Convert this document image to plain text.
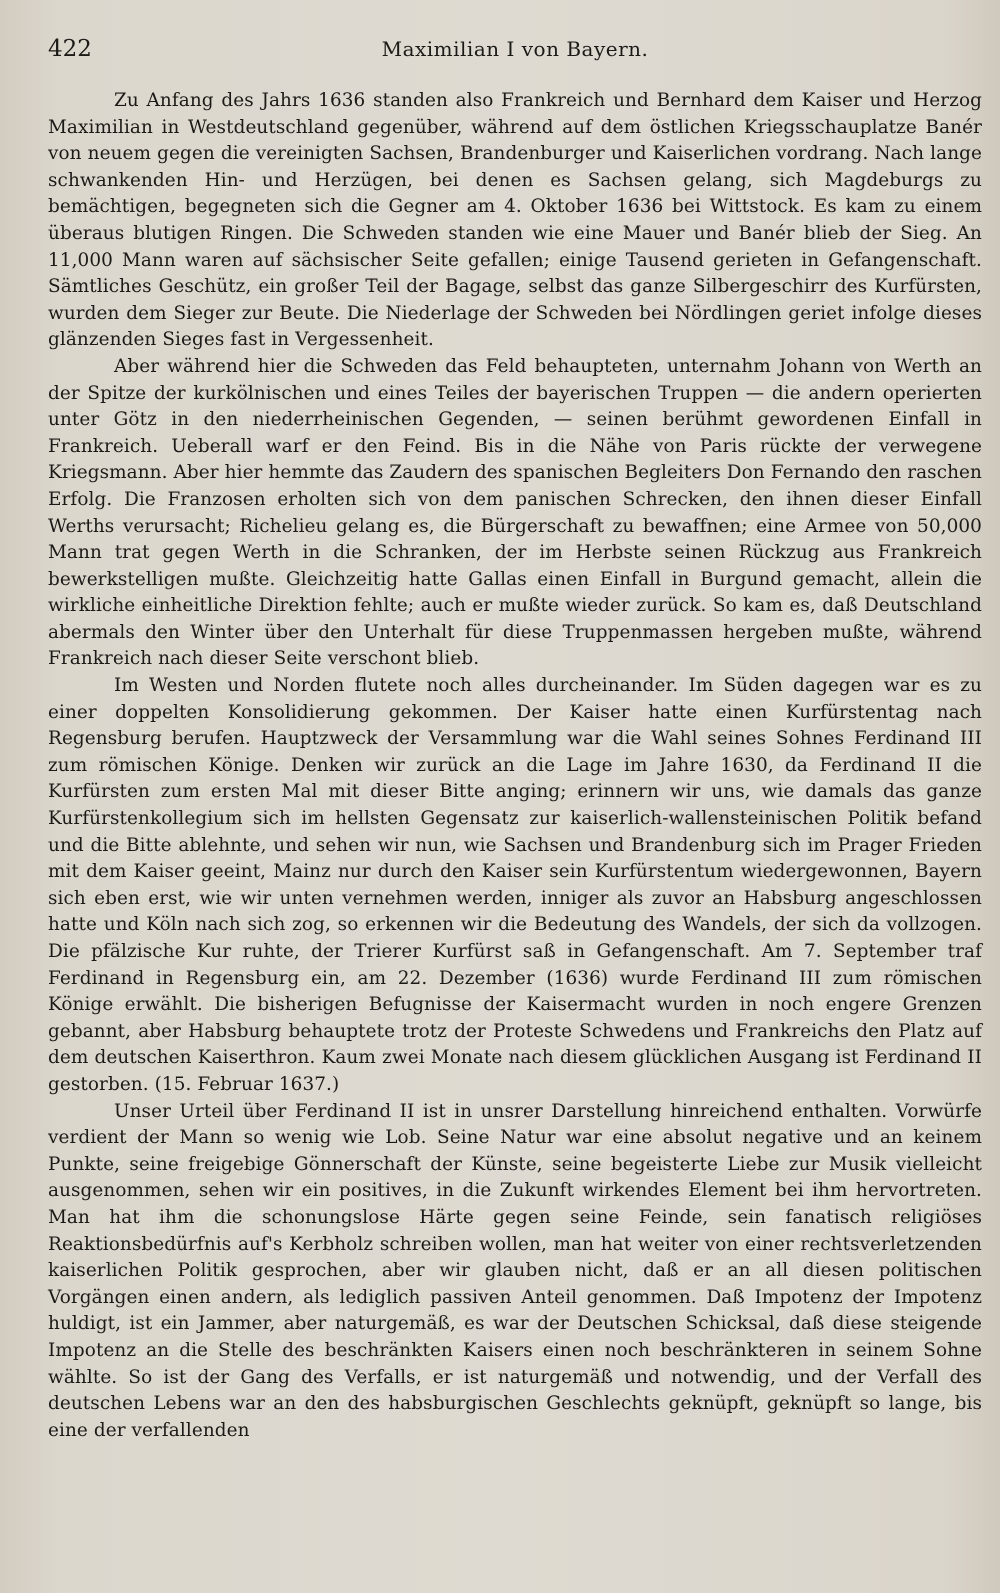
422	Maximilian I von Bayern.

Zu Anfang des Jahrs 1636 standen also Frankreich und Bernhard dem Kaiser und Herzog Maximilian in Westdeutschland gegenüber, während auf dem östlichen Kriegsschauplatze Banér von neuem gegen die vereinigten Sachsen, Brandenburger und Kaiserlichen vordrang. Nach lange schwankenden Hin- und Herzügen, bei denen es Sachsen gelang, sich Magdeburgs zu bemächtigen, begegneten sich die Gegner am 4. Oktober 1636 bei Wittstock. Es kam zu einem überaus blutigen Ringen. Die Schweden standen wie eine Mauer und Banér blieb der Sieg. An 11,000 Mann waren auf sächsischer Seite gefallen; einige Tausend gerieten in Gefangenschaft. Sämtliches Geschütz, ein großer Teil der Bagage, selbst das ganze Silbergeschirr des Kurfürsten, wurden dem Sieger zur Beute. Die Niederlage der Schweden bei Nördlingen geriet infolge dieses glänzenden Sieges fast in Vergessenheit.

Aber während hier die Schweden das Feld behaupteten, unternahm Johann von Werth an der Spitze der kurkölnischen und eines Teiles der bayerischen Truppen — die andern operierten unter Götz in den niederrheinischen Gegenden, — seinen berühmt gewordenen Einfall in Frankreich. Ueberall warf er den Feind. Bis in die Nähe von Paris rückte der verwegene Kriegsmann. Aber hier hemmte das Zaudern des spanischen Begleiters Don Fernando den raschen Erfolg. Die Franzosen erholten sich von dem panischen Schrecken, den ihnen dieser Einfall Werths verursacht; Richelieu gelang es, die Bürgerschaft zu bewaffnen; eine Armee von 50,000 Mann trat gegen Werth in die Schranken, der im Herbste seinen Rückzug aus Frankreich bewerkstelligen mußte. Gleichzeitig hatte Gallas einen Einfall in Burgund gemacht, allein die wirkliche einheitliche Direktion fehlte; auch er mußte wieder zurück. So kam es, daß Deutschland abermals den Winter über den Unterhalt für diese Truppenmassen hergeben mußte, während Frankreich nach dieser Seite verschont blieb.

Im Westen und Norden flutete noch alles durcheinander. Im Süden dagegen war es zu einer doppelten Konsolidierung gekommen. Der Kaiser hatte einen Kurfürstentag nach Regensburg berufen. Hauptzweck der Versammlung war die Wahl seines Sohnes Ferdinand III zum römischen Könige. Denken wir zurück an die Lage im Jahre 1630, da Ferdinand II die Kurfürsten zum ersten Mal mit dieser Bitte anging; erinnern wir uns, wie damals das ganze Kurfürstenkollegium sich im hellsten Gegensatz zur kaiserlich-wallensteinischen Politik befand und die Bitte ablehnte, und sehen wir nun, wie Sachsen und Brandenburg sich im Prager Frieden mit dem Kaiser geeint, Mainz nur durch den Kaiser sein Kurfürstentum wiedergewonnen, Bayern sich eben erst, wie wir unten vernehmen werden, inniger als zuvor an Habsburg angeschlossen hatte und Köln nach sich zog, so erkennen wir die Bedeutung des Wandels, der sich da vollzogen. Die pfälzische Kur ruhte, der Trierer Kurfürst saß in Gefangenschaft. Am 7. September traf Ferdinand in Regensburg ein, am 22. Dezember (1636) wurde Ferdinand III zum römischen Könige erwählt. Die bisherigen Befugnisse der Kaisermacht wurden in noch engere Grenzen gebannt, aber Habsburg behauptete trotz der Proteste Schwedens und Frankreichs den Platz auf dem deutschen Kaiserthron. Kaum zwei Monate nach diesem glücklichen Ausgang ist Ferdinand II gestorben. (15. Februar 1637.)

Unser Urteil über Ferdinand II ist in unsrer Darstellung hinreichend enthalten. Vorwürfe verdient der Mann so wenig wie Lob. Seine Natur war eine absolut negative und an keinem Punkte, seine freigebige Gönnerschaft der Künste, seine begeisterte Liebe zur Musik vielleicht ausgenommen, sehen wir ein positives, in die Zukunft wirkendes Element bei ihm hervortreten. Man hat ihm die schonungslose Härte gegen seine Feinde, sein fanatisch religiöses Reaktionsbedürfnis auf's Kerbholz schreiben wollen, man hat weiter von einer rechtsverletzenden kaiserlichen Politik gesprochen, aber wir glauben nicht, daß er an all diesen politischen Vorgängen einen andern, als lediglich passiven Anteil genommen. Daß Impotenz der Impotenz huldigt, ist ein Jammer, aber naturgemäß, es war der Deutschen Schicksal, daß diese steigende Impotenz an die Stelle des beschränkten Kaisers einen noch beschränkteren in seinem Sohne wählte. So ist der Gang des Verfalls, er ist naturgemäß und notwendig, und der Verfall des deutschen Lebens war an den des habsburgischen Geschlechts geknüpft, geknüpft so lange, bis eine der verfallenden
